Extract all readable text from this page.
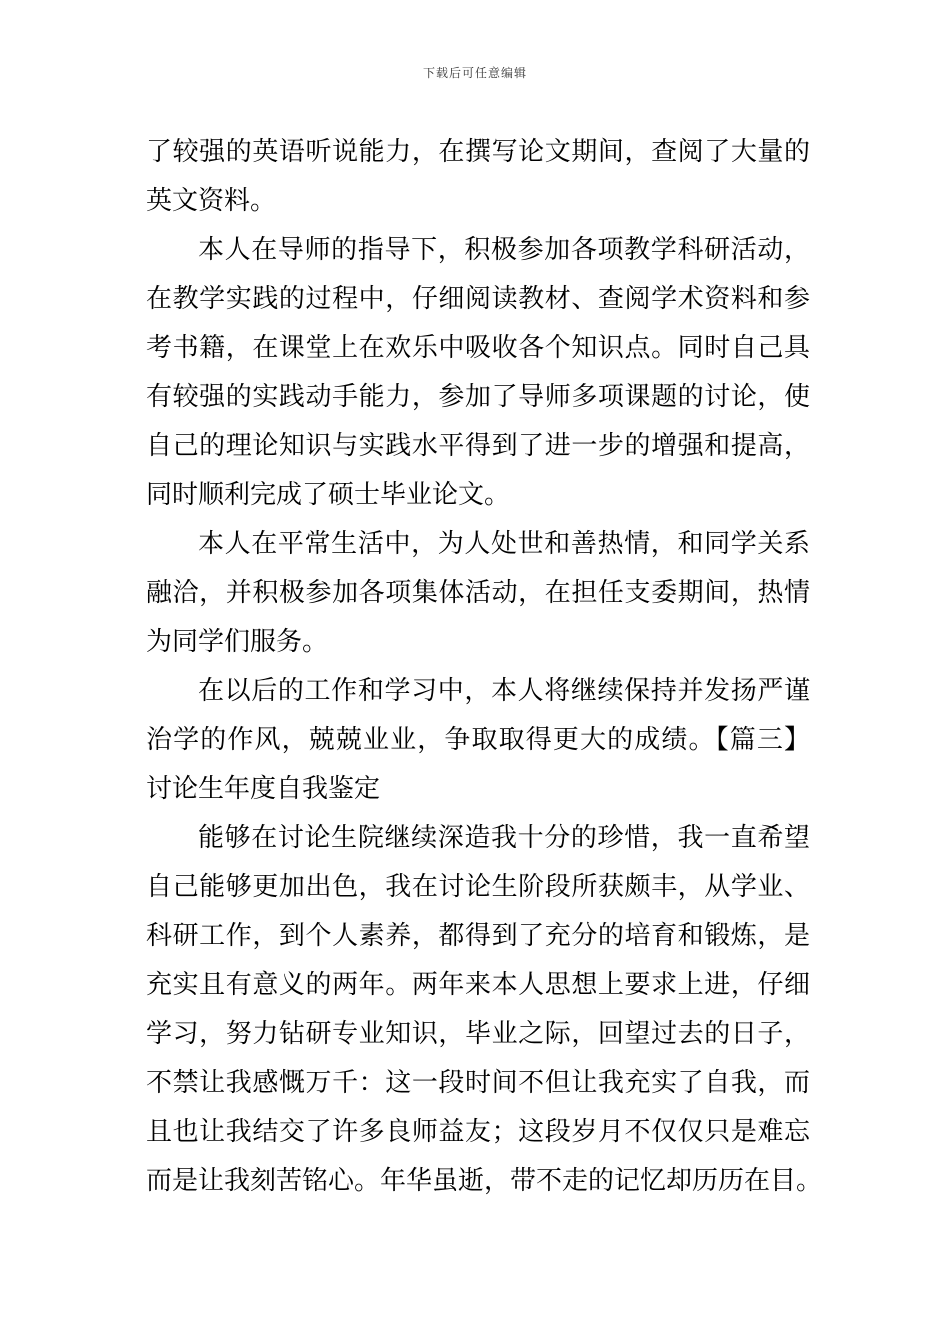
下载后可任意编辑
了较强的英语听说能力，在撰写论文期间，查阅了大量的
英文资料。
本人在导师的指导下，积极参加各项教学科研活动，
在教学实践的过程中，仔细阅读教材、查阅学术资料和参
考书籍，在课堂上在欢乐中吸收各个知识点。同时自己具
有较强的实践动手能力，参加了导师多项课题的讨论，使
自己的理论知识与实践水平得到了进一步的增强和提高，
同时顺利完成了硕士毕业论文。
本人在平常生活中，为人处世和善热情，和同学关系
融洽，并积极参加各项集体活动，在担任支委期间，热情
为同学们服务。
在以后的工作和学习中，本人将继续保持并发扬严谨
治学的作风，兢兢业业，争取取得更大的成绩。【篇三】
讨论生年度自我鉴定
能够在讨论生院继续深造我十分的珍惜，我一直希望
自己能够更加出色，我在讨论生阶段所获颇丰，从学业、
科研工作，到个人素养，都得到了充分的培育和锻炼，是
充实且有意义的两年。两年来本人思想上要求上进，仔细
学习，努力钻研专业知识，毕业之际，回望过去的日子，
不禁让我感慨万千：这一段时间不但让我充实了自我，而
且也让我结交了许多良师益友；这段岁月不仅仅只是难忘
而是让我刻苦铭心。年华虽逝，带不走的记忆却历历在目。
